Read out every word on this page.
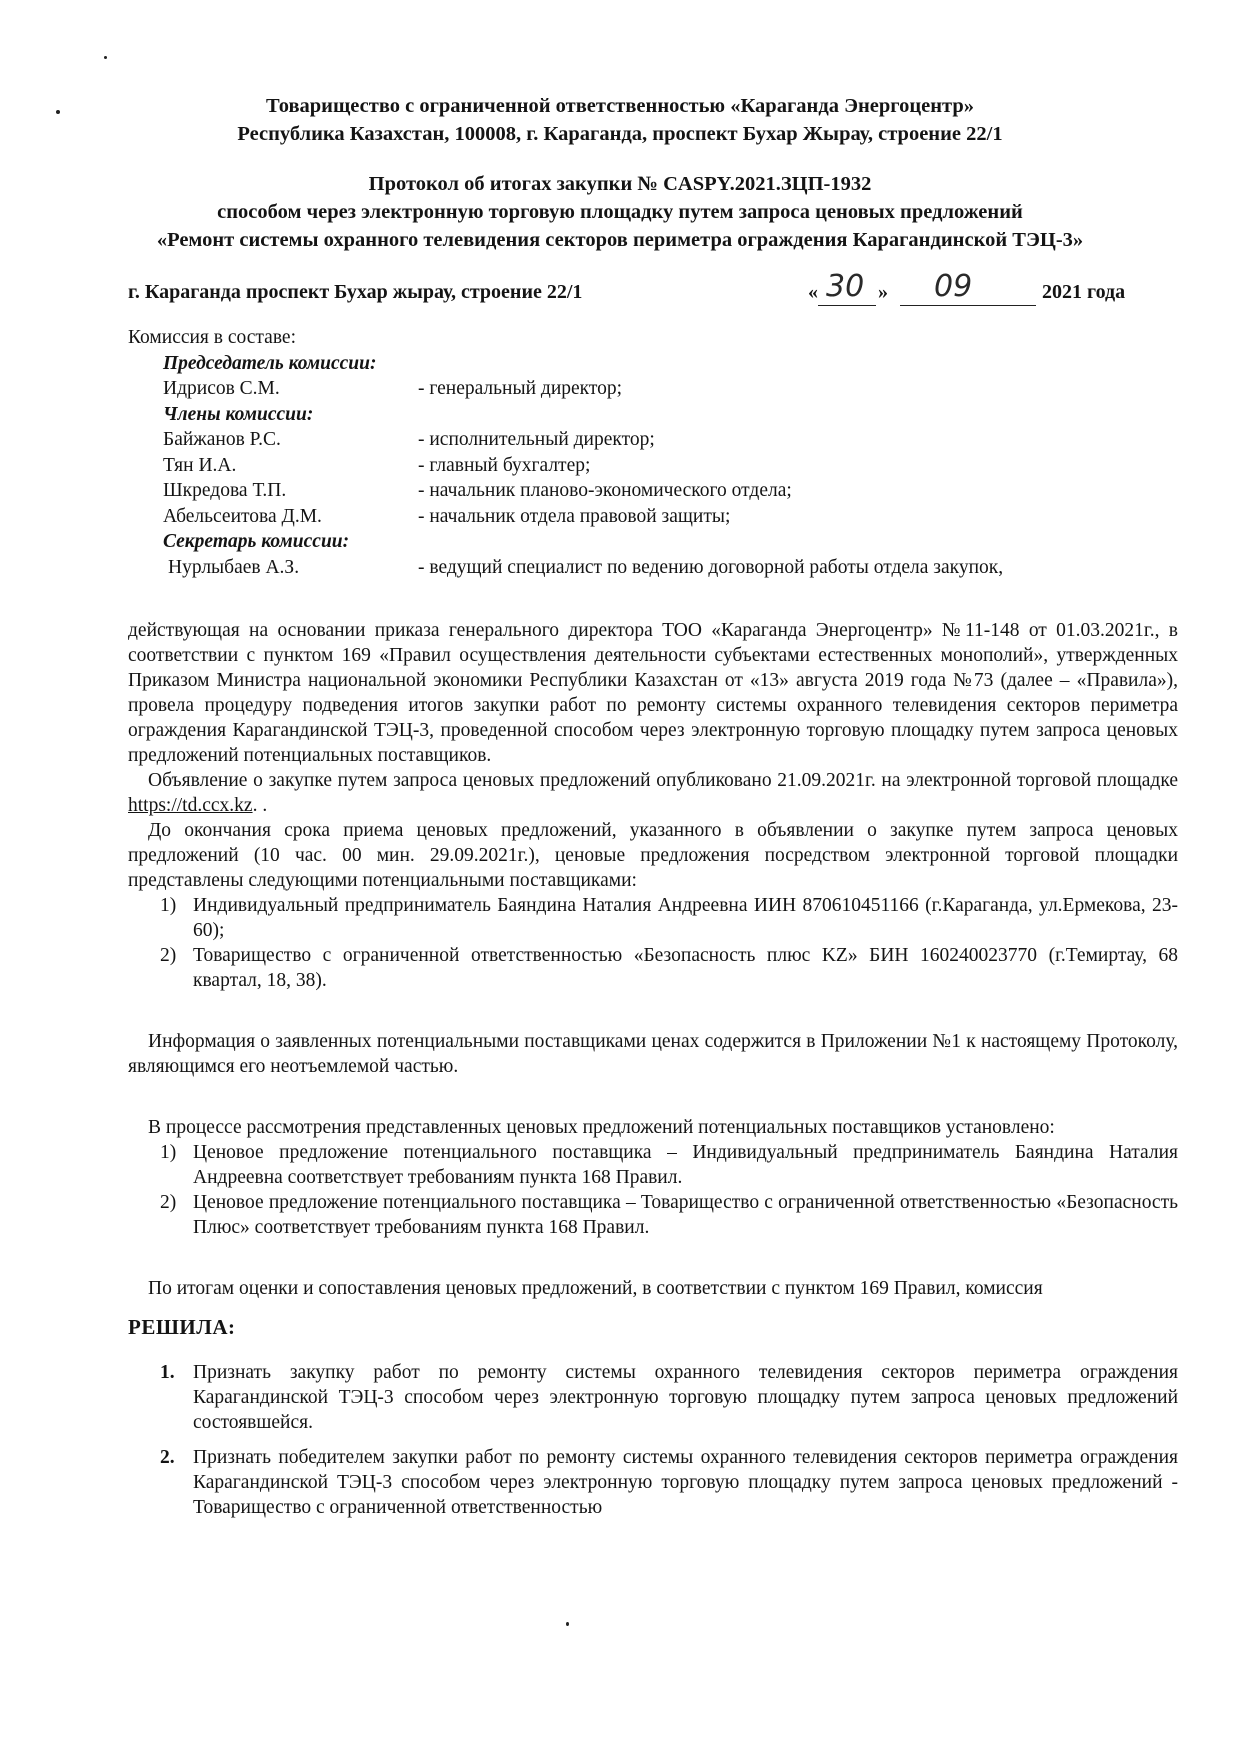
Товарищество с ограниченной ответственностью «Караганда Энергоцентр»
Республика Казахстан, 100008, г. Караганда, проспект Бухар Жырау, строение 22/1
Протокол об итогах закупки № CASPY.2021.ЗЦП-1932
способом через электронную торговую площадку путем запроса ценовых предложений
«Ремонт системы охранного телевидения секторов периметра ограждения Карагандинской ТЭЦ-3»
г. Караганда проспект Бухар жырау, строение 22/1	« 30 » 09	2021 года
Комиссия в составе:
Председатель комиссии:
Идрисов С.М.	- генеральный директор;
Члены комиссии:
Байжанов Р.С.	- исполнительный директор;
Тян И.А.	- главный бухгалтер;
Шкредова Т.П.	- начальник планово-экономического отдела;
Абельсеитова Д.М.	- начальник отдела правовой защиты;
Секретарь комиссии:
Нурлыбаев А.З.	- ведущий специалист по ведению договорной работы отдела закупок,

действующая на основании приказа генерального директора ТОО «Караганда Энергоцентр» №11-148 от 01.03.2021г., в соответствии с пунктом 169 «Правил осуществления деятельности субъектами естественных монополий», утвержденных Приказом Министра национальной экономики Республики Казахстан от «13» августа 2019 года №73 (далее – «Правила»), провела процедуру подведения итогов закупки работ по ремонту системы охранного телевидения секторов периметра ограждения Карагандинской ТЭЦ-3, проведенной способом через электронную торговую площадку путем запроса ценовых предложений потенциальных поставщиков.

Объявление о закупке путем запроса ценовых предложений опубликовано 21.09.2021г. на электронной торговой площадке https://td.ccx.kz. .

До окончания срока приема ценовых предложений, указанного в объявлении о закупке путем запроса ценовых предложений (10 час. 00 мин. 29.09.2021г.), ценовые предложения посредством электронной торговой площадки представлены следующими потенциальными поставщиками:

1) Индивидуальный предприниматель Баяндина Наталия Андреевна ИИН 870610451166 (г.Караганда, ул.Ермекова, 23-60);
2) Товарищество с ограниченной ответственностью «Безопасность плюс KZ» БИН 160240023770 (г.Темиртау, 68 квартал, 18, 38).

Информация о заявленных потенциальными поставщиками ценах содержится в Приложении №1 к настоящему Протоколу, являющимся его неотъемлемой частью.

В процессе рассмотрения представленных ценовых предложений потенциальных поставщиков установлено:

1) Ценовое предложение потенциального поставщика – Индивидуальный предприниматель Баяндина Наталия Андреевна соответствует требованиям пункта 168 Правил.
2) Ценовое предложение потенциального поставщика – Товарищество с ограниченной ответственностью «Безопасность Плюс» соответствует требованиям пункта 168 Правил.

По итогам оценки и сопоставления ценовых предложений, в соответствии с пунктом 169 Правил, комиссия

РЕШИЛА:

1. Признать закупку работ по ремонту системы охранного телевидения секторов периметра ограждения Карагандинской ТЭЦ-3 способом через электронную торговую площадку путем запроса ценовых предложений состоявшейся.
2. Признать победителем закупки работ по ремонту системы охранного телевидения секторов периметра ограждения Карагандинской ТЭЦ-3 способом через электронную торговую площадку путем запроса ценовых предложений - Товарищество с ограниченной ответственностью
